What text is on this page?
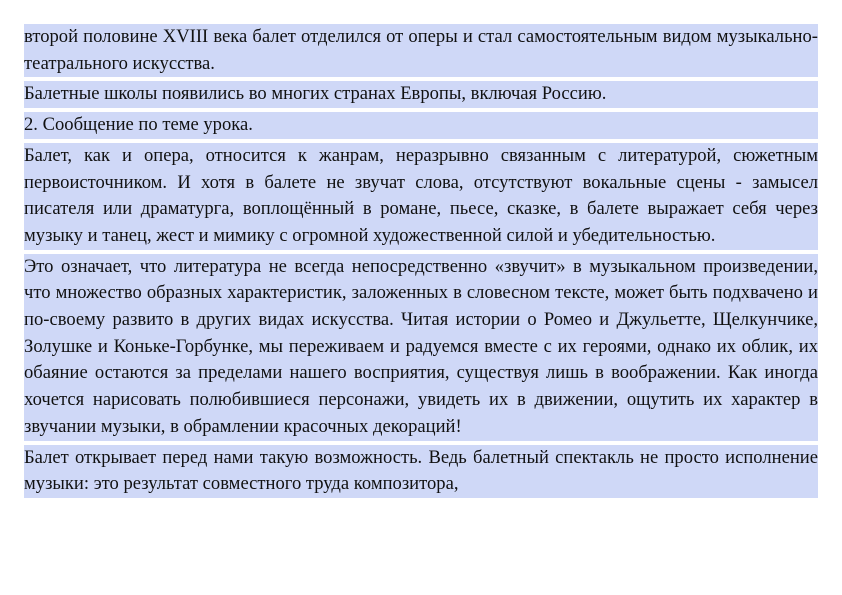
второй половине XVIII века балет отделился от оперы и стал самостоятельным видом музыкально-театрального искусства.

Балетные школы появились во многих странах Европы, включая Россию.

2. Сообщение по теме урока.

Балет, как и опера, относится к жанрам, неразрывно связанным с литературой, сюжетным первоисточником. И хотя в балете не звучат слова, отсутствуют вокальные сцены - замысел писателя или драматурга, воплощённый в романе, пьесе, сказке, в балете выражает себя через музыку и танец, жест и мимику с огромной художественной силой и убедительностью.

Это означает, что литература не всегда непосредственно «звучит» в музыкальном произведении, что множество образных характеристик, заложенных в словесном тексте, может быть подхвачено и по-своему развито в других видах искусства. Читая истории о Ромео и Джульетте, Щелкунчике, Золушке и Коньке-Горбунке, мы переживаем и радуемся вместе с их героями, однако их облик, их обаяние остаются за пределами нашего восприятия, существуя лишь в воображении. Как иногда хочется нарисовать полюбившиеся персонажи, увидеть их в движении, ощутить их характер в звучании музыки, в обрамлении красочных декораций!

Балет открывает перед нами такую возможность. Ведь балетный спектакль не просто исполнение музыки: это результат совместного труда композитора,
